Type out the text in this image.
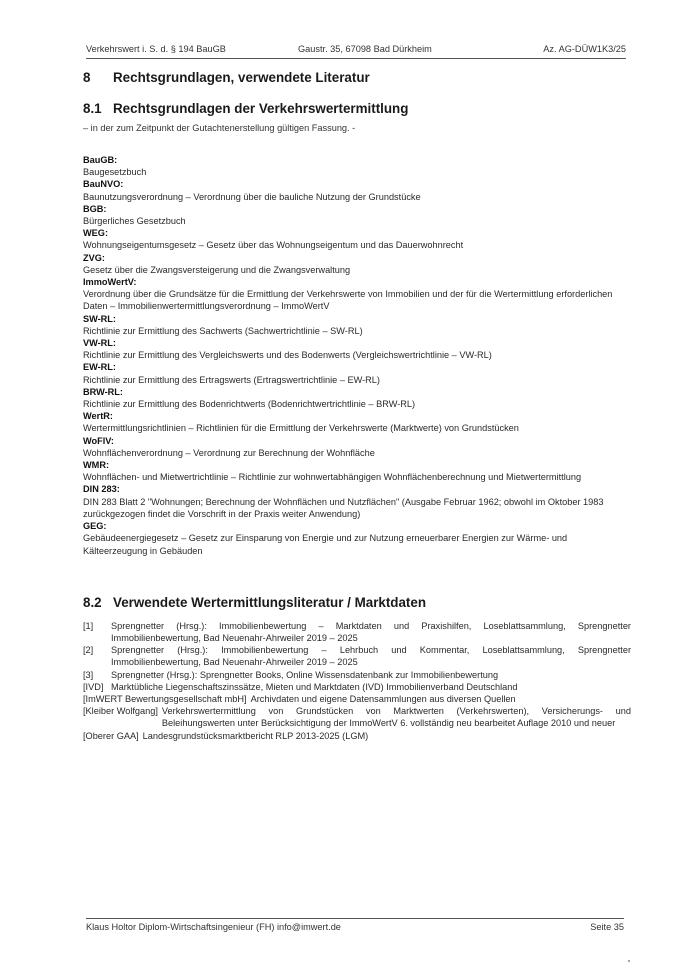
Verkehrswert i. S. d. § 194 BauGB	Gaustr. 35, 67098 Bad Dürkheim	Az. AG-DÜW1K3/25
8 Rechtsgrundlagen, verwendete Literatur
8.1 Rechtsgrundlagen der Verkehrswertermittlung
– in der zum Zeitpunkt der Gutachtenerstellung gültigen Fassung. -
BauGB:
Baugesetzbuch
BauNVO:
Baunutzungsverordnung – Verordnung über die bauliche Nutzung der Grundstücke
BGB:
Bürgerliches Gesetzbuch
WEG:
Wohnungseigentumsgesetz – Gesetz über das Wohnungseigentum und das Dauerwohnrecht
ZVG:
Gesetz über die Zwangsversteigerung und die Zwangsverwaltung
ImmoWertV:
Verordnung über die Grundsätze für die Ermittlung der Verkehrswerte von Immobilien und der für die Wertermittlung erforderlichen Daten – Immobilienwertermittlungsverordnung – ImmoWertV
SW-RL:
Richtlinie zur Ermittlung des Sachwerts (Sachwertrichtlinie – SW-RL)
VW-RL:
Richtlinie zur Ermittlung des Vergleichswerts und des Bodenwerts (Vergleichswertrichtlinie – VW-RL)
EW-RL:
Richtlinie zur Ermittlung des Ertragswerts (Ertragswertrichtlinie – EW-RL)
BRW-RL:
Richtlinie zur Ermittlung des Bodenrichtwerts (Bodenrichtwertrichtlinie – BRW-RL)
WertR:
Wertermittlungsrichtlinien – Richtlinien für die Ermittlung der Verkehrswerte (Marktwerte) von Grundstücken
WoFlV:
Wohnflächenverordnung – Verordnung zur Berechnung der Wohnfläche
WMR:
Wohnflächen- und Mietwertrichtlinie – Richtlinie zur wohnwertabhängigen Wohnflächenberechnung und Mietwertermittlung
DIN 283:
DIN 283 Blatt 2 "Wohnungen; Berechnung der Wohnflächen und Nutzflächen" (Ausgabe Februar 1962; obwohl im Oktober 1983 zurückgezogen findet die Vorschrift in der Praxis weiter Anwendung)
GEG:
Gebäudeenergiegesetz – Gesetz zur Einsparung von Energie und zur Nutzung erneuerbarer Energien zur Wärme- und Kälteerzeugung in Gebäuden
8.2 Verwendete Wertermittlungsliteratur / Marktdaten
[1]	Sprengnetter (Hrsg.): Immobilienbewertung – Marktdaten und Praxishilfen, Loseblattsammlung, Sprengnetter Immobilienbewertung, Bad Neuenahr-Ahrweiler 2019 – 2025
[2]	Sprengnetter (Hrsg.): Immobilienbewertung – Lehrbuch und Kommentar, Loseblattsammlung, Sprengnetter Immobilienbewertung, Bad Neuenahr-Ahrweiler 2019 – 2025
[3]	Sprengnetter (Hrsg.): Sprengnetter Books, Online Wissensdatenbank zur Immobilienbewertung
[IVD] Marktübliche Liegenschaftszinssätze, Mieten und Marktdaten (IVD) Immobilienverband Deutschland
[ImWERT Bewertungsgesellschaft mbH] Archivdaten und eigene Datensammlungen aus diversen Quellen
[Kleiber Wolfgang] Verkehrswertermittlung von Grundstücken von Marktwerten (Verkehrswerten), Versicherungs- und Beleihungswerten unter Berücksichtigung der ImmoWertV 6. vollständig neu bearbeitet Auflage 2010 und neuer
[Oberer GAA] Landesgrundstücksmarktbericht RLP 2013-2025 (LGM)
Klaus Holtor Diplom-Wirtschaftsingenieur (FH) info@imwert.de	Seite 35
